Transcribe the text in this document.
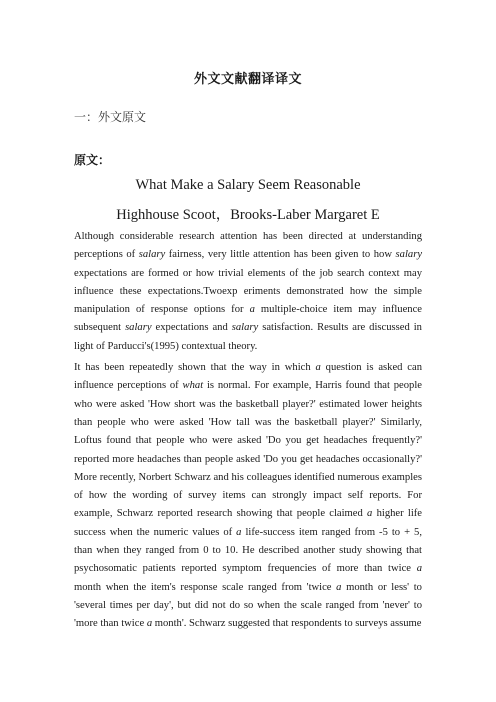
外文文献翻译译文
一：外文原文
原文：
What Make a Salary Seem Reasonable
Highhouse Scoot，Brooks-Laber Margaret E

Although considerable research attention has been directed at understanding perceptions of salary fairness, very little attention has been given to how salary expectations are formed or how trivial elements of the job search context may influence these expectations.Twoexp eriments demonstrated how the simple manipulation of response options for a multiple-choice item may influence subsequent salary expectations and salary satisfaction. Results are discussed in light of Parducci's(1995) contextual theory.

It has been repeatedly shown that the way in which a question is asked can influence perceptions of what is normal. For example, Harris found that people who were asked 'How short was the basketball player?' estimated lower heights than people who were asked 'How tall was the basketball player?' Similarly, Loftus found that people who were asked 'Do you get headaches frequently?' reported more headaches than people asked 'Do you get headaches occasionally?' More recently, Norbert Schwarz and his colleagues identified numerous examples of how the wording of survey items can strongly impact self reports. For example, Schwarz reported research showing that people claimed a higher life success when the numeric values of a life-success item ranged from -5 to + 5, than when they ranged from 0 to 10. He described another study showing that psychosomatic patients reported symptom frequencies of more than twice a month when the item's response scale ranged from 'twice a month or less' to 'several times per day', but did not do so when the scale ranged from 'never' to 'more than twice a month'. Schwarz suggested that respondents to surveys assume
